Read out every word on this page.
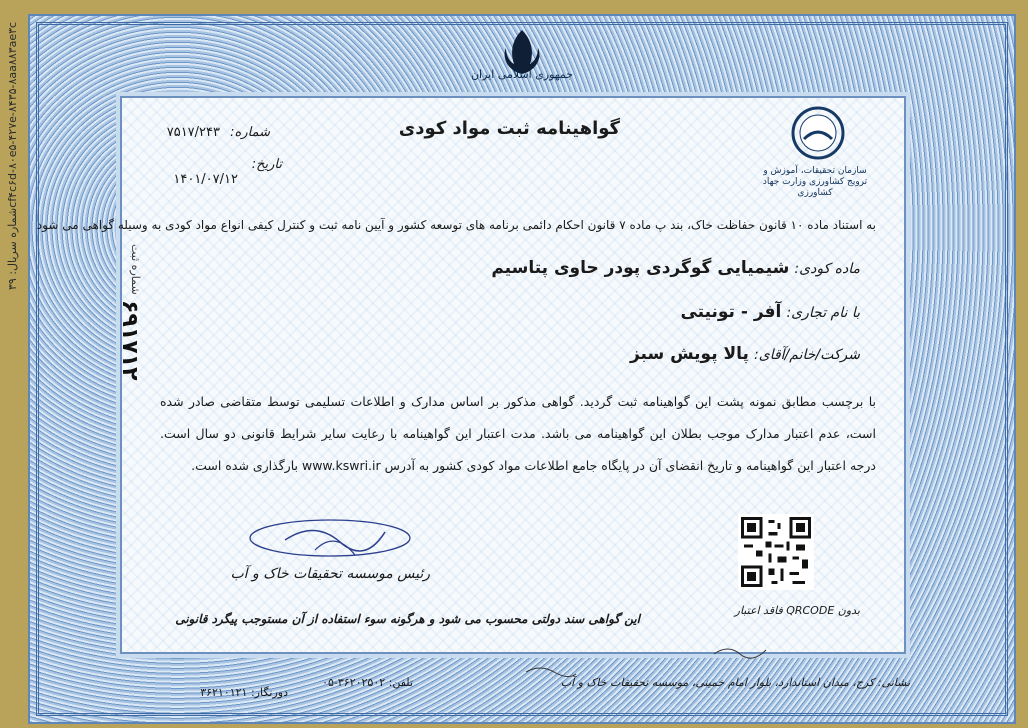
شماره سریال: ۳۹cf۴c۶d-۸۰e۵-۴۲۷e-۸۴۳۵-۸aa۸۸۳ae۳c	جمهوری اسلامی ایران
گواهینامه ثبت مواد کودی
شماره:
۷۵۱۷/۲۴۳
تاریخ:
۱۴۰۱/۰۷/۱۲
سازمان تحقیقات، آموزش و ترویج کشاورزی وزارت جهاد کشاورزی
به استناد ماده ۱۰ قانون حفاظت خاک، بند پ ماده ۷ قانون احکام دائمی برنامه های توسعه کشور و آیین نامه ثبت و کنترل کیفی انواع مواد کودی به وسیله گواهی می شود
ماده کودی: شیمیایی گوگردی پودر حاوی پتاسیم
با نام تجاری: آفر - تونیتی
شرکت/خانم/آقای: پالا پویش سبز
با برچسب مطابق نمونه پشت این گواهینامه ثبت گردید. گواهی مذکور بر اساس مدارک و اطلاعات تسلیمی توسط متقاضی صادر شده است، عدم اعتبار مدارک موجب بطلان این گواهینامه می باشد. مدت اعتبار این گواهینامه با رعایت سایر شرایط قانونی دو سال است. درجه اعتبار این گواهینامه و تاریخ انقضای آن در پایگاه جامع اطلاعات مواد کودی کشور به آدرس www.kswri.ir بارگذاری شده است.
شماره ثبت
۶۹۱۷۱۲
رئیس موسسه تحقیقات خاک و آب
بدون QRCODE فاقد اعتبار
این گواهی سند دولتی محسوب می شود و هرگونه سوء استفاده از آن مستوجب پیگرد قانونی
نشانی: کرج، میدان استاندارد، بلوار امام خمینی، موسسه تحقیقات خاک و آب
تلفن: ۳۶۲۰۲۵۰۲-۰۵
دورنگار: ۳۶۲۱۰۱۲۱
